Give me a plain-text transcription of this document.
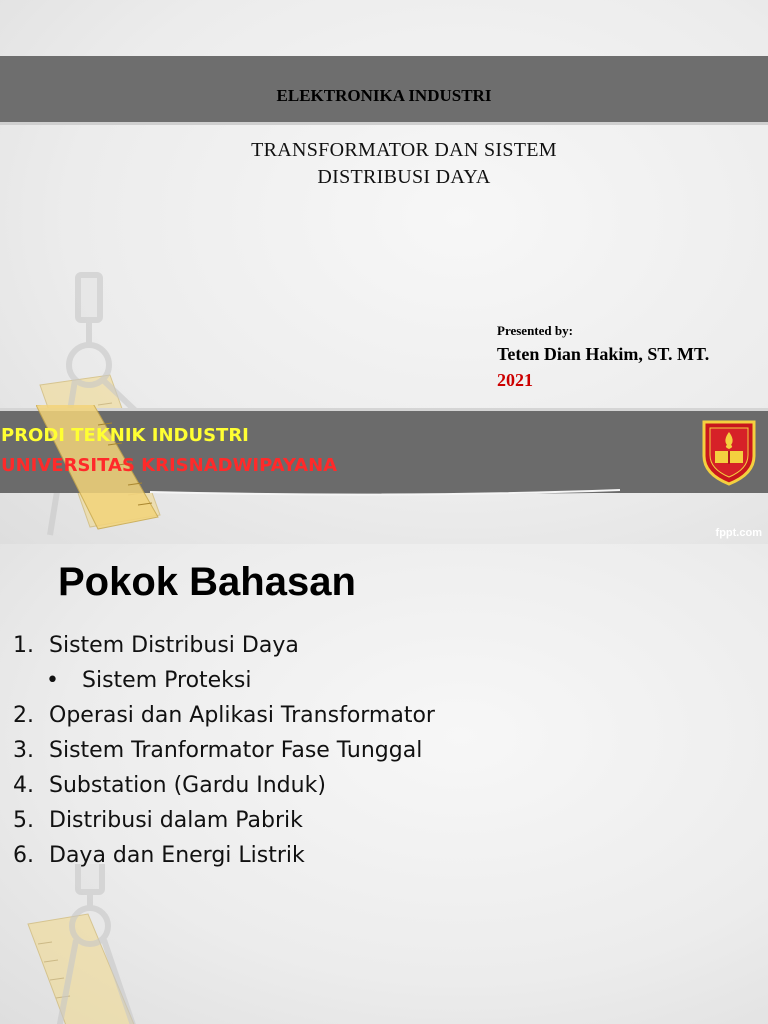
ELEKTRONIKA INDUSTRI
TRANSFORMATOR DAN SISTEM
DISTRIBUSI DAYA
Presented by:
Teten Dian Hakim, ST. MT.
2021
PRODI TEKNIK INDUSTRI
UNIVERSITAS KRISNADWIPAYANA
fppt.com
Pokok Bahasan
1. Sistem Distribusi Daya
•	Sistem Proteksi
2. Operasi dan Aplikasi Transformator
3. Sistem Tranformator Fase Tunggal
4. Substation (Gardu Induk)
5. Distribusi dalam Pabrik
6. Daya dan Energi Listrik
